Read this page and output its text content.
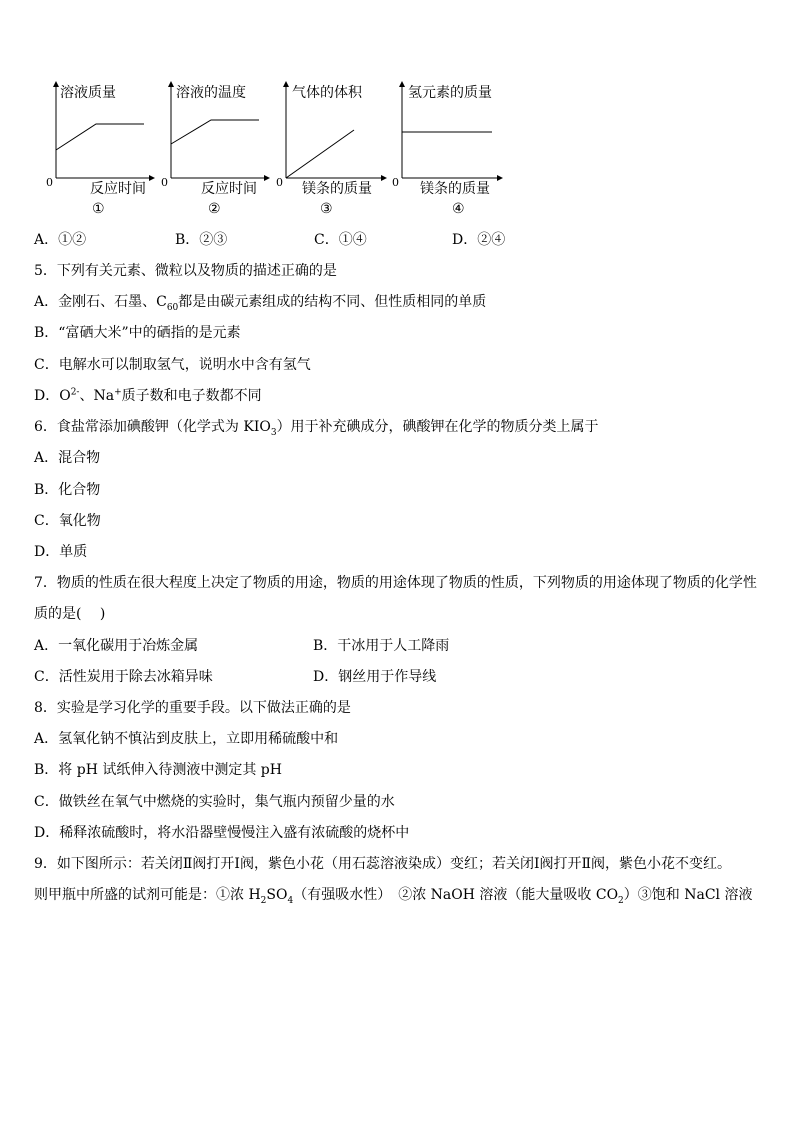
溶液质量
0	反应时间
①
溶液的温度
0 反应时间
②
气体的体积
0 镁条的质量
③
氢元素的质量
0 镁条的质量
④
A．①②	B．②③	C．①④	D．②④
5．下列有关元素、微粒以及物质的描述正确的是
A．金刚石、石墨、$C_{60}$都是由碳元素组成的结构不同、但性质相同的单质
B．“富硒大米”中的硒指的是元素
C．电解水可以制取氢气，说明水中含有氢气
D．$O^{2-}$、Na+质子数和电子数都不同
6．食盐常添加碘酸钾（化学式为 $KIO_3$）用于补充碘成分，碘酸钾在化学的物质分类上属于
A．混合物
B．化合物
C．氧化物
D．单质
7．物质的性质在很大程度上决定了物质的用途，物质的用途体现了物质的性质，下列物质的用途体现了物质的化学性
质的是(　 )
A．一氧化碳用于冶炼金属	B．干冰用于人工降雨
C．活性炭用于除去冰箱异味	D．钢丝用于作导线
8．实验是学习化学的重要手段。以下做法正确的是
A．氢氧化钠不慎沾到皮肤上，立即用稀硫酸中和
B．将 pH 试纸伸入待测液中测定其 pH
C．做铁丝在氧气中燃烧的实验时，集气瓶内预留少量的水
D．稀释浓硫酸时，将水沿器壁慢慢注入盛有浓硫酸的烧杯中
9．如下图所示：若关闭Ⅱ阀打开Ⅰ阀，紫色小花（用石蕊溶液染成）变红；若关闭Ⅰ阀打开Ⅱ阀，紫色小花不变红。
则甲瓶中所盛的试剂可能是：①浓 $H_2SO_4$（有强吸水性）　②浓 NaOH 溶液（能大量吸收 $CO_2)③$饱和 NaCl 溶液
